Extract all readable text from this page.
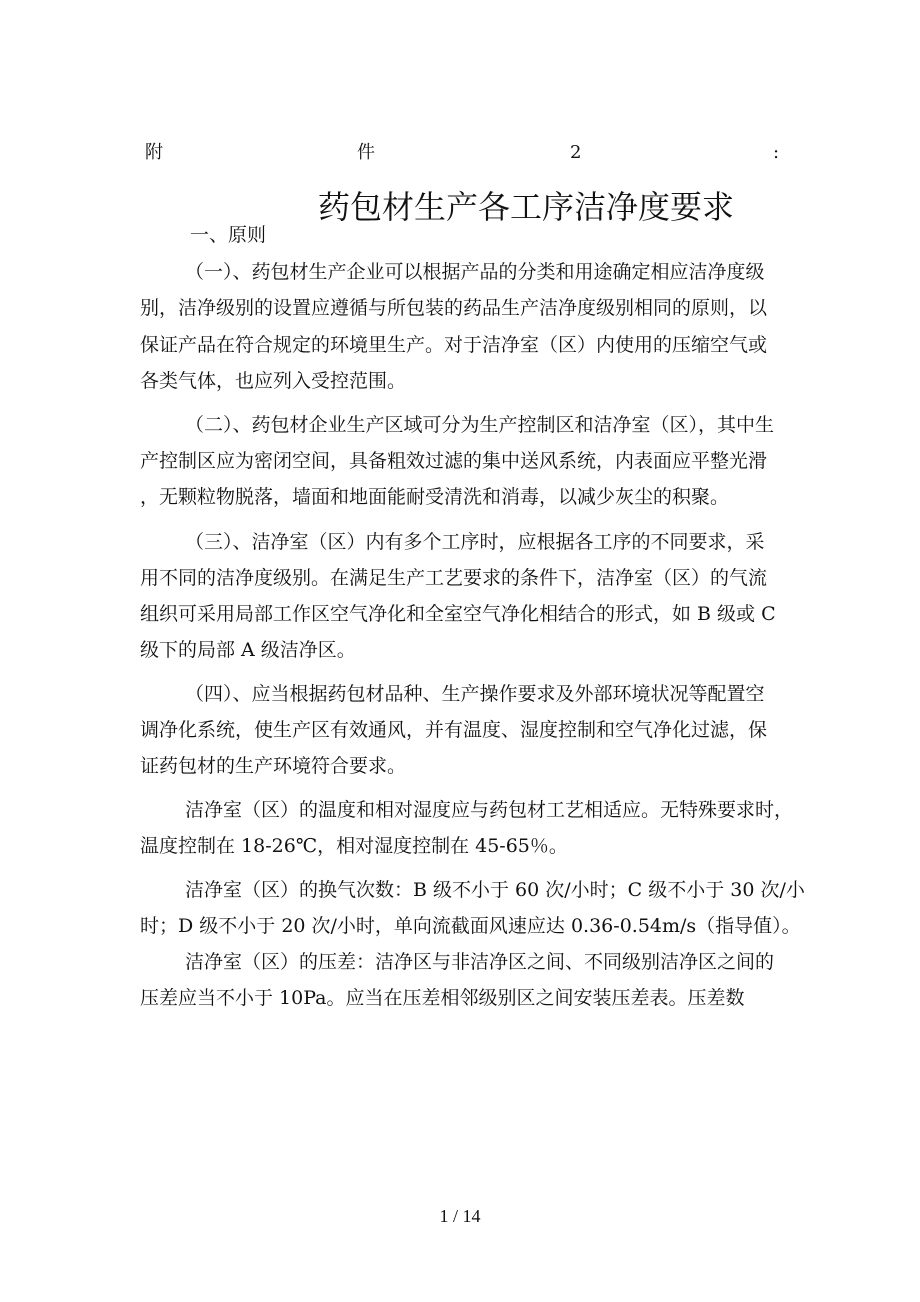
附	件	2	:
药包材生产各工序洁净度要求
一、原则
（一）、药包材生产企业可以根据产品的分类和用途确定相应洁净度级
别，洁净级别的设置应遵循与所包装的药品生产洁净度级别相同的原则，以
保证产品在符合规定的环境里生产。对于洁净室（区）内使用的压缩空气或
各类气体，也应列入受控范围。
（二）、药包材企业生产区域可分为生产控制区和洁净室（区），其中生
产控制区应为密闭空间，具备粗效过滤的集中送风系统，内表面应平整光滑
，无颗粒物脱落，墙面和地面能耐受清洗和消毒，以减少灰尘的积聚。
（三）、洁净室（区）内有多个工序时，应根据各工序的不同要求，采
用不同的洁净度级别。在满足生产工艺要求的条件下，洁净室（区）的气流
组织可采用局部工作区空气净化和全室空气净化相结合的形式，如 B 级或 C
级下的局部 A 级洁净区。
（四）、应当根据药包材品种、生产操作要求及外部环境状况等配置空
调净化系统，使生产区有效通风，并有温度、湿度控制和空气净化过滤，保
证药包材的生产环境符合要求。
洁净室（区）的温度和相对湿度应与药包材工艺相适应。无特殊要求时，
温度控制在 18-26℃，相对湿度控制在 45-65％。
洁净室（区）的换气次数：B 级不小于 60 次/小时；C 级不小于 30 次/小
时；D 级不小于 20 次/小时，单向流截面风速应达 0.36-0.54m/s（指导值）。
洁净室（区）的压差：洁净区与非洁净区之间、不同级别洁净区之间的
压差应当不小于 10Pa。应当在压差相邻级别区之间安装压差表。压差数
1 / 14
